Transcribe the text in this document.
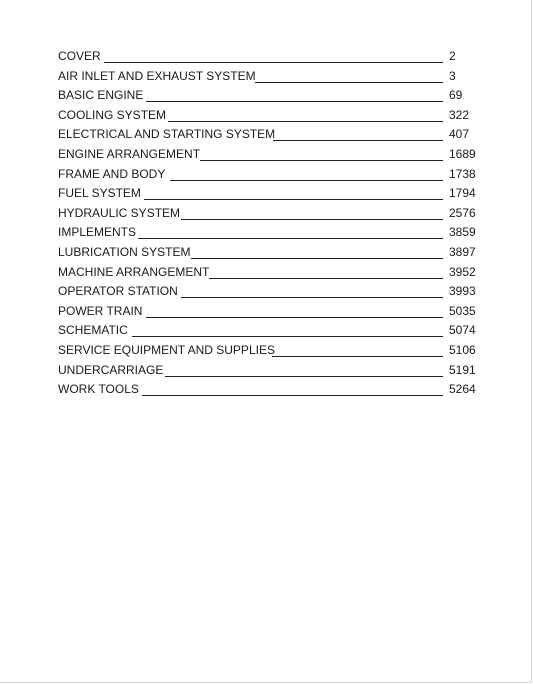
COVER	2
AIR INLET AND EXHAUST SYSTEM	3
BASIC ENGINE	69
COOLING SYSTEM	322
ELECTRICAL AND STARTING SYSTEM	407
ENGINE ARRANGEMENT	1689
FRAME AND BODY	1738
FUEL SYSTEM	1794
HYDRAULIC SYSTEM	2576
IMPLEMENTS	3859
LUBRICATION SYSTEM	3897
MACHINE ARRANGEMENT	3952
OPERATOR STATION	3993
POWER TRAIN	5035
SCHEMATIC	5074
SERVICE EQUIPMENT AND SUPPLIES	5106
UNDERCARRIAGE	5191
WORK TOOLS	5264
